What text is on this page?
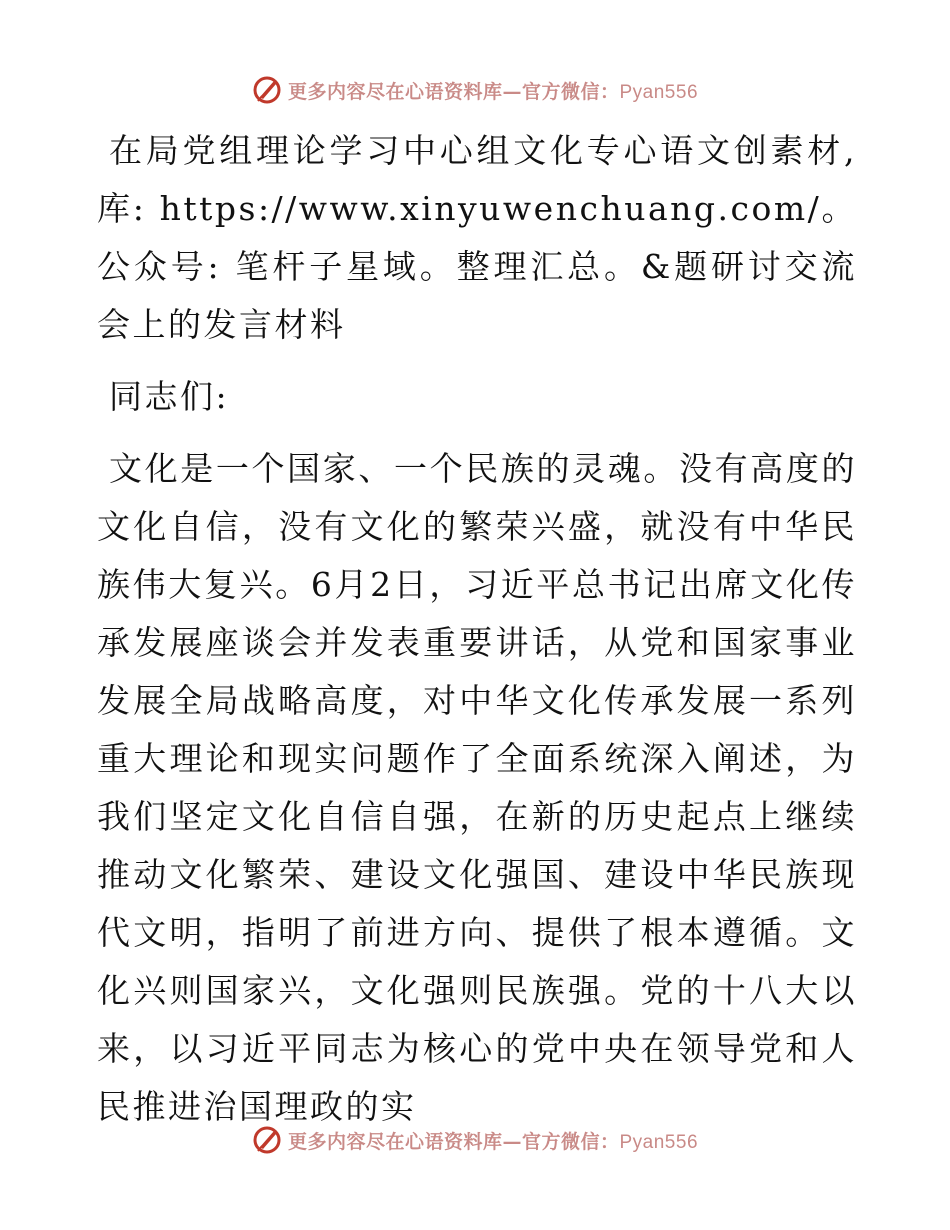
更多内容尽在心语资料库—官方微信：Pyan556

在局党组理论学习中心组文化专心语文创素材,库: https://www.xinyuwenchuang.com/。公众号: 笔杆子星域。整理汇总。&题研讨交流会上的发言材料

同志们:

文化是一个国家、一个民族的灵魂。没有高度的文化自信，没有文化的繁荣兴盛，就没有中华民族伟大复兴。6月2日，习近平总书记出席文化传承发展座谈会并发表重要讲话，从党和国家事业发展全局战略高度，对中华文化传承发展一系列重大理论和现实问题作了全面系统深入阐述，为我们坚定文化自信自强，在新的历史起点上继续推动文化繁荣、建设文化强国、建设中华民族现代文明，指明了前进方向、提供了根本遵循。文化兴则国家兴，文化强则民族强。党的十八大以来，以习近平同志为核心的党中央在领导党和人民推进治国理政的实

更多内容尽在心语资料库—官方微信：Pyan556
